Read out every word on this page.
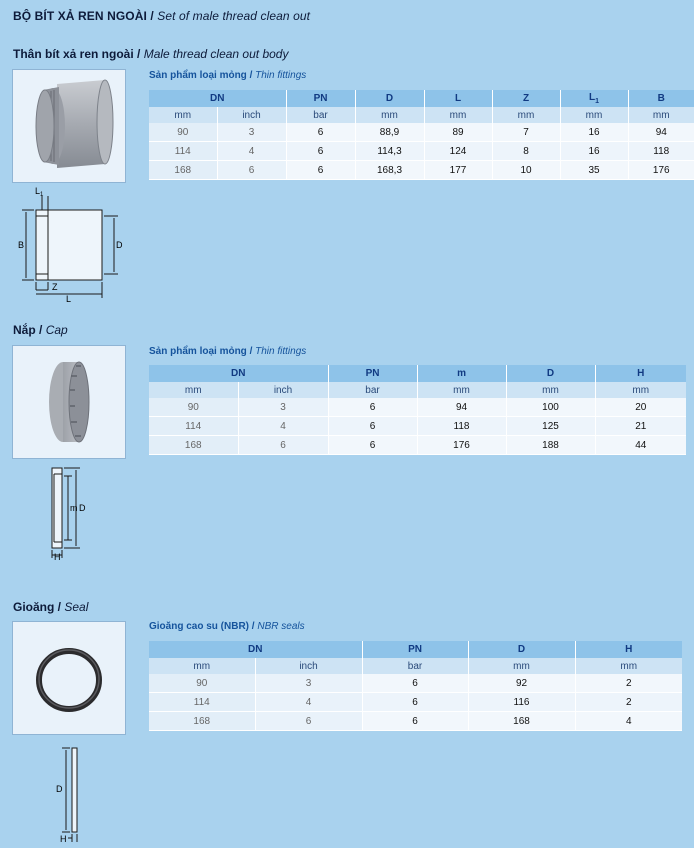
BỘ BÍT XẢ REN NGOÀI / Set of male thread clean out
Thân bít xả ren ngoài / Male thread clean out body
Sản phẩm loại mỏng / Thin fittings
DN		PN	D	L	Z	$L_1$	B
mm	inch	bar	mm	mm	mm	mm	mm
90	3	6	88,9	89	7	16	94
114	4	6	114,3	124	8	16	118
168	6	6	168,3	177	10	35	176
$L_1$
B	D
Z
L
Nắp / Cap
Sản phẩm loại mỏng / Thin fittings
DN		PN	m	D	H
mm	inch	bar	mm	mm	mm
90	3	6	94	100	20
114	4	6	118	125	21
168	6	6	176	188	44
m D
H
Gioăng / Seal
Gioăng cao su (NBR) / NBR seals
DN		PN	D	H
mm	inch	bar	mm	mm
90	3	6	92	2
114	4	6	116	2
168	6	6	168	4
D
H
